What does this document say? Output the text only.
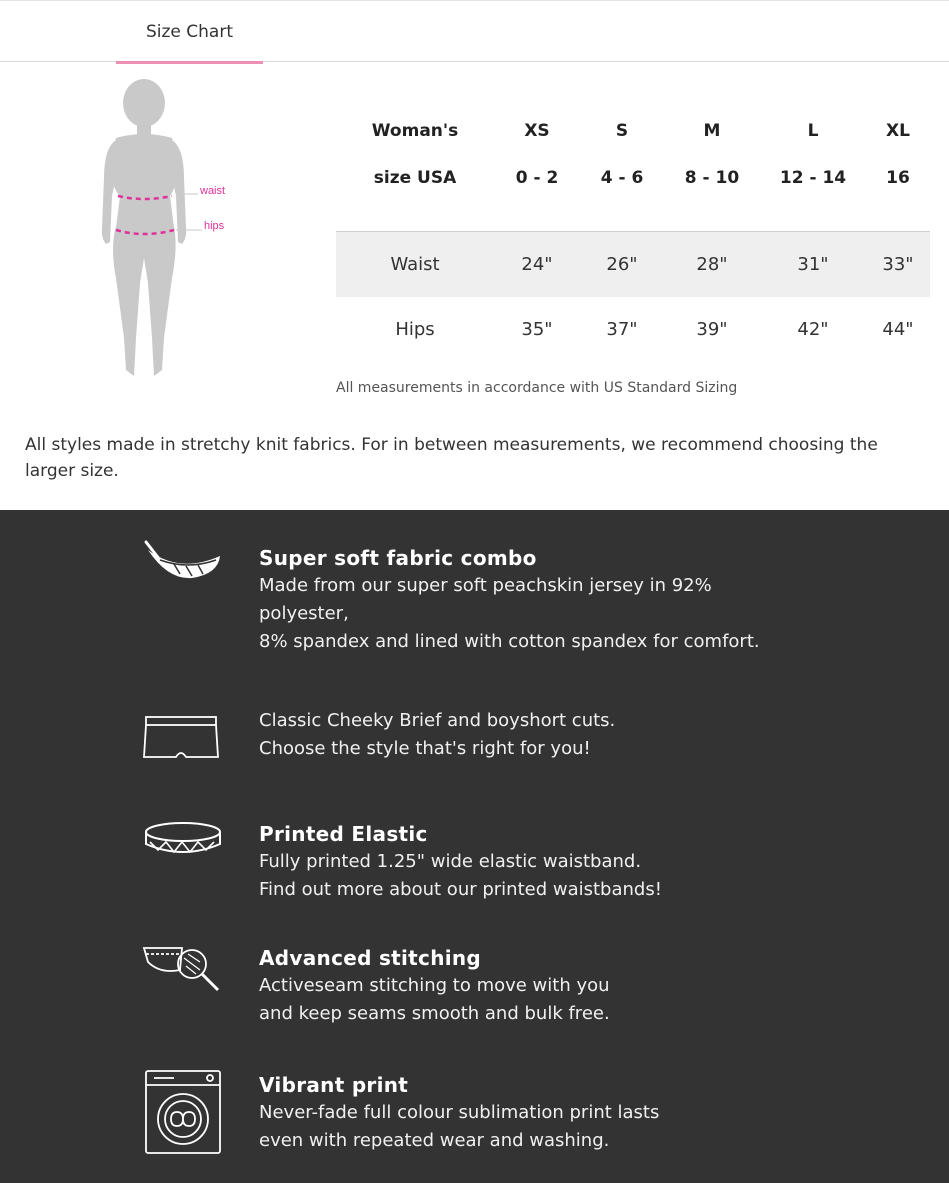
Size Chart
waist
hips
Woman's	XS	S	M	L	XL
size USA	0 - 2	4 - 6	8 - 10	12 - 14	16
Waist	24"	26"	28"	31"	33"
Hips	35"	37"	39"	42"	44"
All measurements in accordance with US Standard Sizing
All styles made in stretchy knit fabrics. For in between measurements, we recommend choosing the larger size.
Super soft fabric combo
Made from our super soft peachskin jersey in 92%
polyester,
8% spandex and lined with cotton spandex for comfort.
Classic Cheeky Brief and boyshort cuts.
Choose the style that's right for you!
Printed Elastic
Fully printed 1.25" wide elastic waistband.
Find out more about our printed waistbands!
Advanced stitching
Activeseam stitching to move with you
and keep seams smooth and bulk free.
Vibrant print
Never-fade full colour sublimation print lasts
even with repeated wear and washing.
